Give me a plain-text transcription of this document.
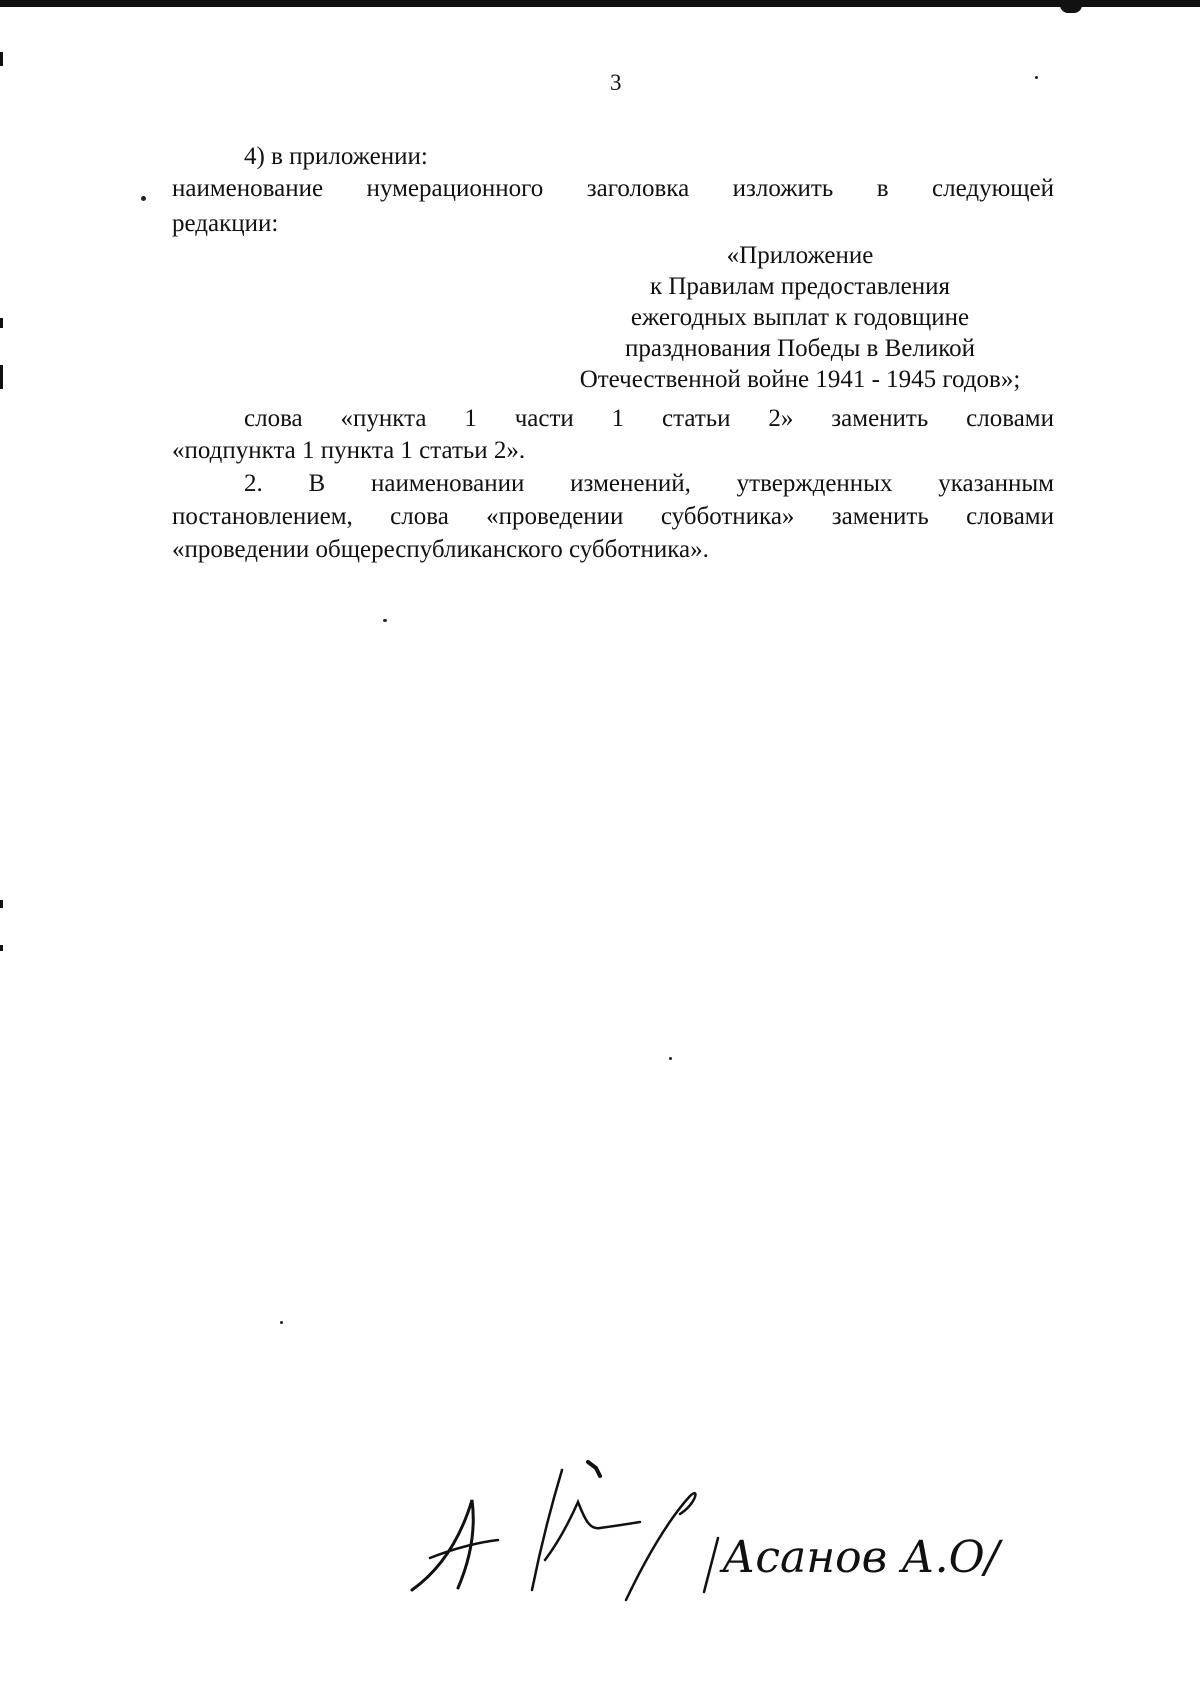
3
4) в приложении:
наименование нумерационного заголовка изложить в следующей
редакции:
«Приложение
к Правилам предоставления
ежегодных выплат к годовщине
празднования Победы в Великой
Отечественной войне 1941 - 1945 годов»;
слова «пункта 1 части 1 статьи 2» заменить словами
«подпункта 1 пункта 1 статьи 2».
2. В наименовании изменений, утвержденных указанным
постановлением, слова «проведении субботника» заменить словами
«проведении общереспубликанского субботника».
Асанов А.О/
